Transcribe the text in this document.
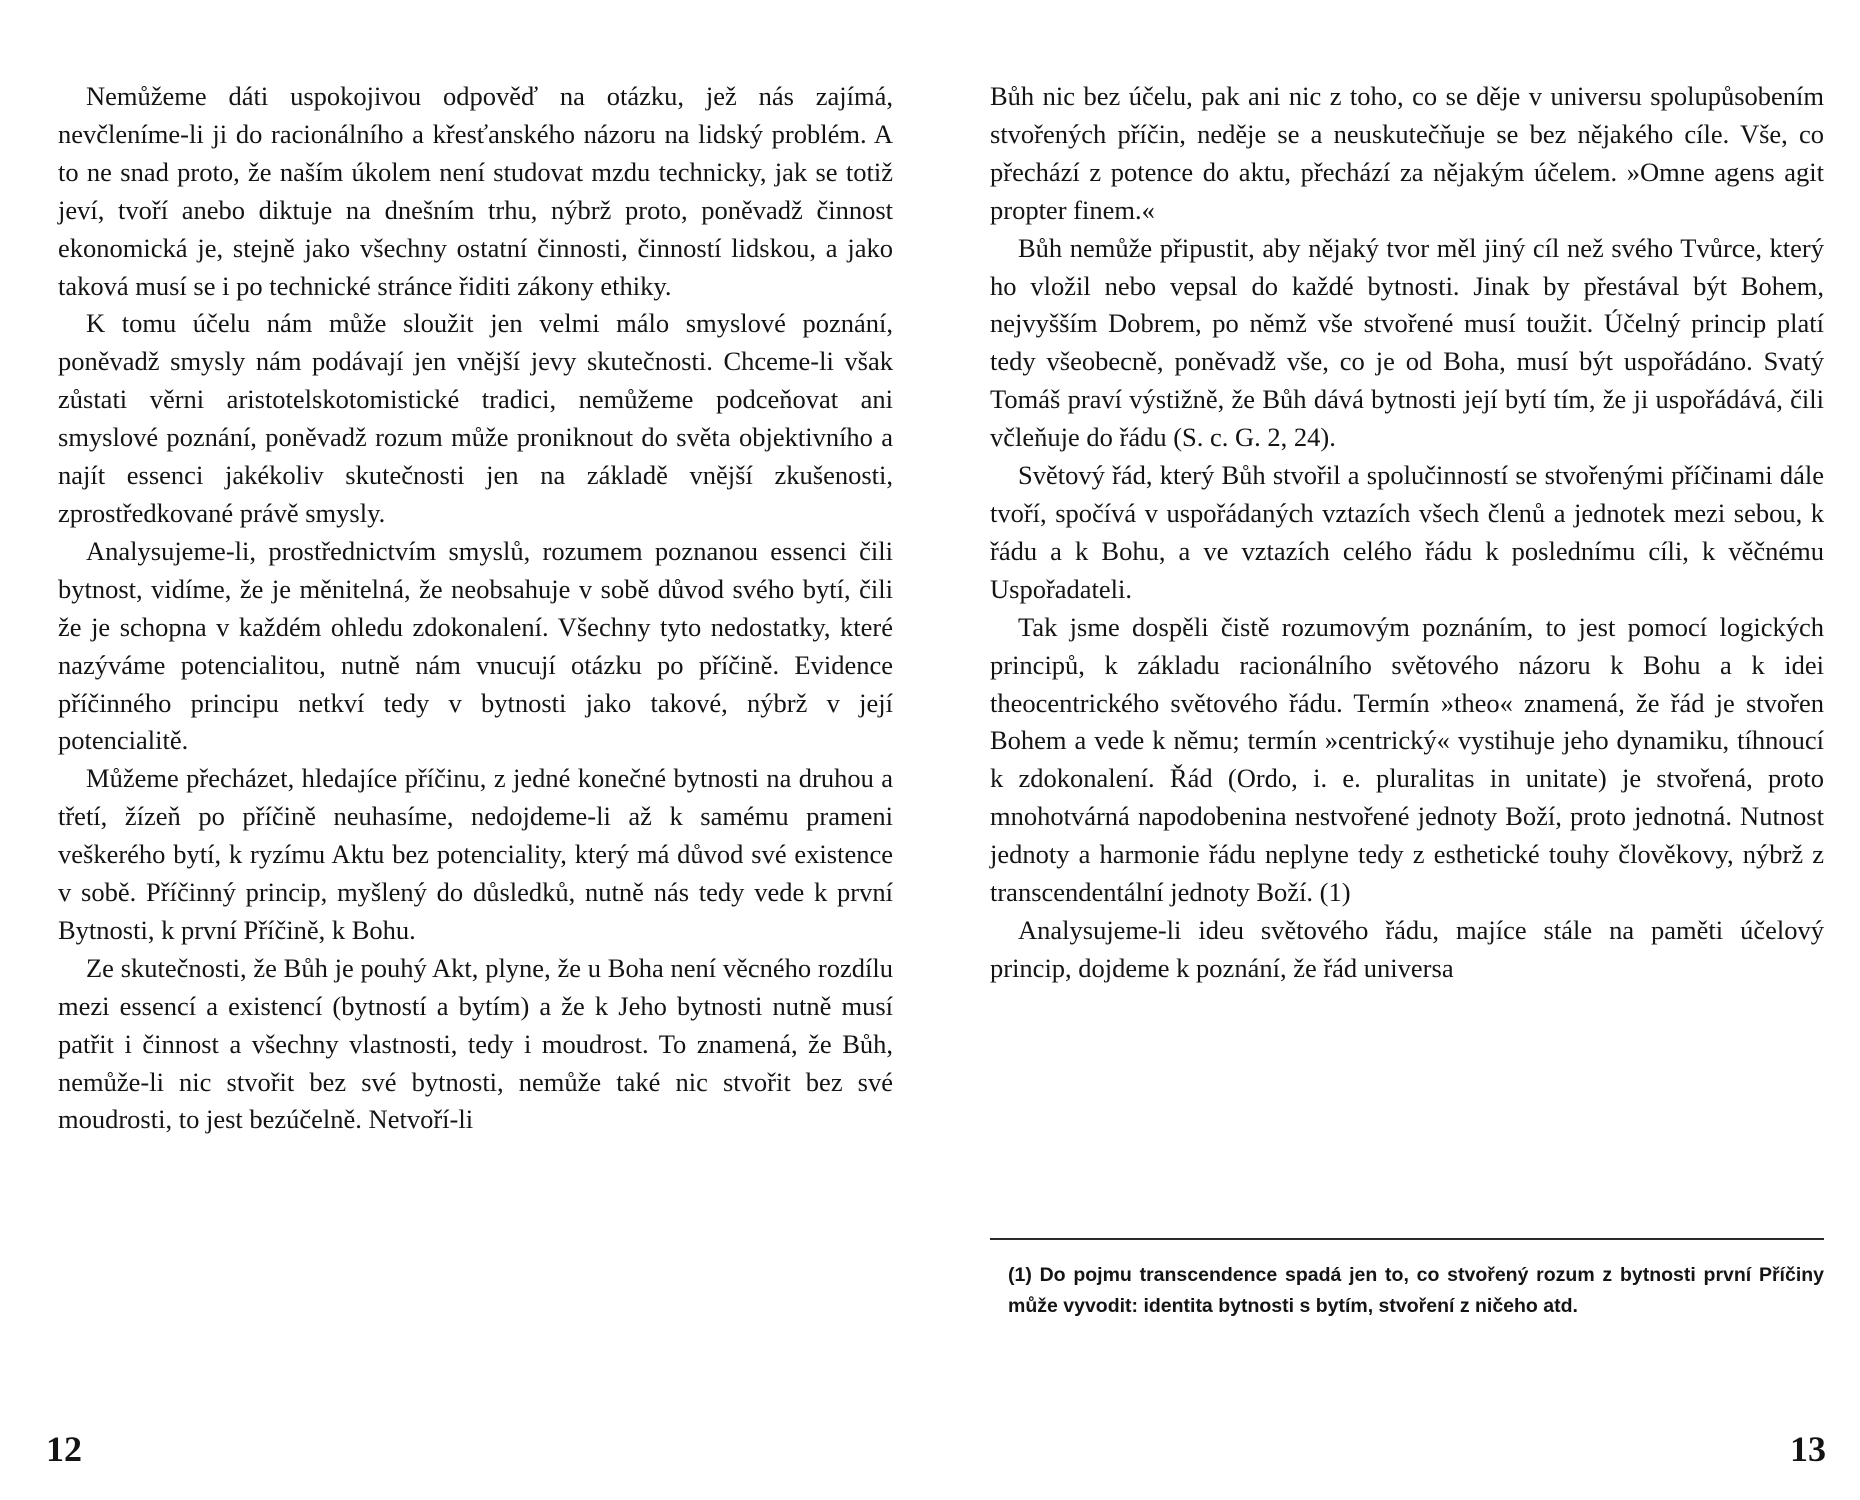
Nemůžeme dáti uspokojivou odpověď na otázku, jež nás zajímá, nevčleníme-li ji do racionálního a křesťanského názoru na lidský problém. A to ne snad proto, že naším úkolem není studovat mzdu technicky, jak se totiž jeví, tvoří anebo diktuje na dnešním trhu, nýbrž proto, poněvadž činnost ekonomická je, stejně jako všechny ostatní činnosti, činností lidskou, a jako taková musí se i po technické stránce řiditi zákony ethiky.

K tomu účelu nám může sloužit jen velmi málo smyslové poznání, poněvadž smysly nám podávají jen vnější jevy skutečnosti. Chceme-li však zůstati věrni aristotelskotomistické tradici, nemůžeme podceňovat ani smyslové poznání, poněvadž rozum může proniknout do světa objektivního a najít essenci jakékoliv skutečnosti jen na základě vnější zkušenosti, zprostředkované právě smysly.

Analysujeme-li, prostřednictvím smyslů, rozumem poznanou essenci čili bytnost, vidíme, že je měnitelná, že neobsahuje v sobě důvod svého bytí, čili že je schopna v každém ohledu zdokonalení. Všechny tyto nedostatky, které nazýváme potencialitou, nutně nám vnucují otázku po příčině. Evidence příčinného principu netkví tedy v bytnosti jako takové, nýbrž v její potencialitě.

Můžeme přecházet, hledajíce příčinu, z jedné konečné bytnosti na druhou a třetí, žízeň po příčině neuhasíme, nedojdeme-li až k samému prameni veškerého bytí, k ryzímu Aktu bez potenciality, který má důvod své existence v sobě. Příčinný princip, myšlený do důsledků, nutně nás tedy vede k první Bytnosti, k první Příčině, k Bohu.

Ze skutečnosti, že Bůh je pouhý Akt, plyne, že u Boha není věcného rozdílu mezi essencí a existencí (bytností a bytím) a že k Jeho bytnosti nutně musí patřit i činnost a všechny vlastnosti, tedy i moudrost. To znamená, že Bůh, nemůže-li nic stvořit bez své bytnosti, nemůže také nic stvořit bez své moudrosti, to jest bezúčelně. Netvoří-li

12

Bůh nic bez účelu, pak ani nic z toho, co se děje v universu spolupůsobením stvořených příčin, neděje se a neuskutečňuje se bez nějakého cíle. Vše, co přechází z potence do aktu, přechází za nějakým účelem. »Omne agens agit propter finem.«

Bůh nemůže připustit, aby nějaký tvor měl jiný cíl než svého Tvůrce, který ho vložil nebo vepsal do každé bytnosti. Jinak by přestával být Bohem, nejvyšším Dobrem, po němž vše stvořené musí toužit. Účelný princip platí tedy všeobecně, poněvadž vše, co je od Boha, musí být uspořádáno. Svatý Tomáš praví výstižně, že Bůh dává bytnosti její bytí tím, že ji uspořádává, čili včleňuje do řádu (S. c. G. 2, 24).

Světový řád, který Bůh stvořil a spolučinností se stvořenými příčinami dále tvoří, spočívá v uspořádaných vztazích všech členů a jednotek mezi sebou, k řádu a k Bohu, a ve vztazích celého řádu k poslednímu cíli, k věčnému Uspořadateli.

Tak jsme dospěli čistě rozumovým poznáním, to jest pomocí logických principů, k základu racionálního světového názoru k Bohu a k idei theocentrického světového řádu. Termín »theo« znamená, že řád je stvořen Bohem a vede k němu; termín »centrický« vystihuje jeho dynamiku, tíhnoucí k zdokonalení. Řád (Ordo, i. e. pluralitas in unitate) je stvořená, proto mnohotvárná napodobenina nestvořené jednoty Boží, proto jednotná. Nutnost jednoty a harmonie řádu neplyne tedy z esthetické touhy člověkovy, nýbrž z transcendentální jednoty Boží. (1)

Analysujeme-li ideu světového řádu, majíce stále na paměti účelový princip, dojdeme k poznání, že řád universa

(1) Do pojmu transcendence spadá jen to, co stvořený rozum z bytnosti první Příčiny může vyvodit: identita bytnosti s bytím, stvoření z ničeho atd.

13
